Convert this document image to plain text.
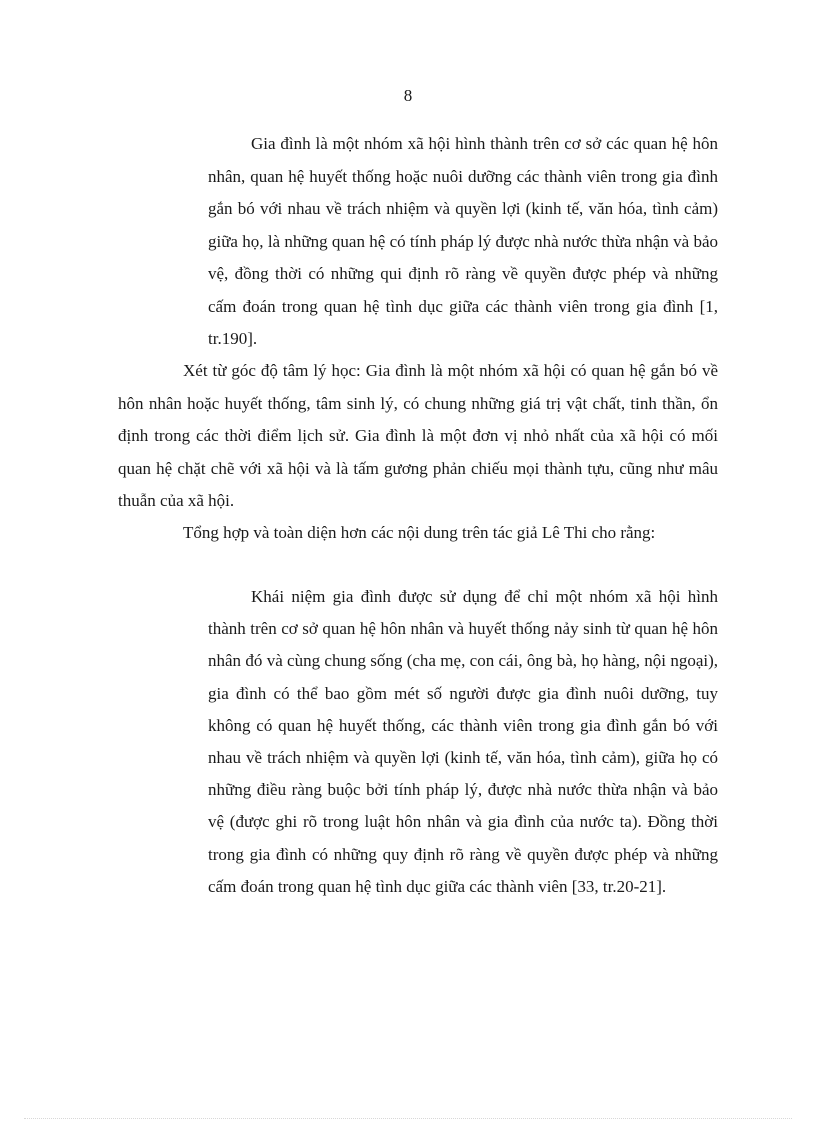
8

Gia đình là một nhóm xã hội hình thành trên cơ sở các quan hệ hôn nhân, quan hệ huyết thống hoặc nuôi dưỡng các thành viên trong gia đình gắn bó với nhau về trách nhiệm và quyền lợi (kinh tế, văn hóa, tình cảm) giữa họ, là những quan hệ có tính pháp lý được nhà nước thừa nhận và bảo vệ, đồng thời có những qui định rõ ràng về quyền được phép và những cấm đoán trong quan hệ tình dục giữa các thành viên trong gia đình [1, tr.190].

Xét từ góc độ tâm lý học: Gia đình là một nhóm xã hội có quan hệ gắn bó về hôn nhân hoặc huyết thống, tâm sinh lý, có chung những giá trị vật chất, tinh thần, ổn định trong các thời điểm lịch sử. Gia đình là một đơn vị nhỏ nhất của xã hội có mối quan hệ chặt chẽ với xã hội và là tấm gương phản chiếu mọi thành tựu, cũng như mâu thuẫn của xã hội.

Tổng hợp và toàn diện hơn các nội dung trên tác giả Lê Thi cho rằng:

Khái niệm gia đình được sử dụng để chỉ một nhóm xã hội hình thành trên cơ sở quan hệ hôn nhân và huyết thống nảy sinh từ quan hệ hôn nhân đó và cùng chung sống (cha mẹ, con cái, ông bà, họ hàng, nội ngoại), gia đình có thể bao gồm mét số người được gia đình nuôi dưỡng, tuy không có quan hệ huyết thống, các thành viên trong gia đình gắn bó với nhau về trách nhiệm và quyền lợi (kinh tế, văn hóa, tình cảm), giữa họ có những điều ràng buộc bởi tính pháp lý, được nhà nước thừa nhận và bảo vệ (được ghi rõ trong luật hôn nhân và gia đình của nước ta). Đồng thời trong gia đình có những quy định rõ ràng về quyền được phép và những cấm đoán trong quan hệ tình dục giữa các thành viên [33, tr.20-21].
